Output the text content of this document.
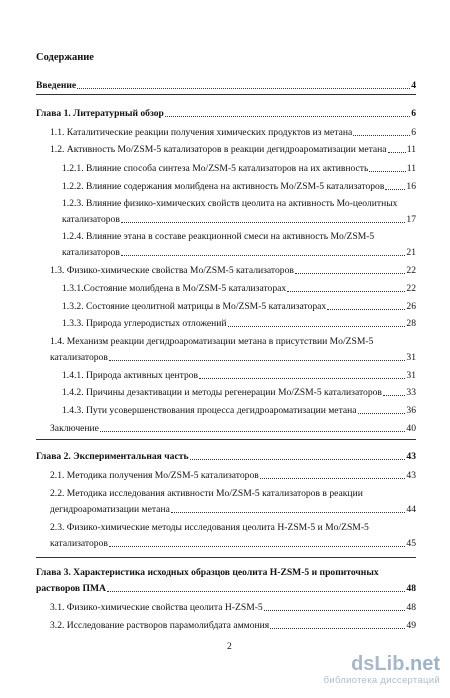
Содержание
Введение	4
Глава 1. Литературный обзор	6
1.1. Каталитические реакции получения химических продуктов из метана	6
1.2. Активность Mo/ZSM-5 катализаторов в реакции дегидроароматизации метана 11
1.2.1. Влияние способа синтеза Mo/ZSM-5 катализаторов на их активность	11
1.2.2. Влияние содержания молибдена на активность Mo/ZSM-5 катализаторов 16
1.2.3. Влияние физико-химических свойств цеолита на активность Мо-цеолитных
катализаторов	17
1.2.4. Влияние этана в составе реакционной смеси на активность Mo/ZSM-5
катализаторов	21
1.3. Физико-химические свойства Mo/ZSM-5 катализаторов	22
1.3.1.Состояние молибдена в Mo/ZSM-5 катализаторах	22
1.3.2. Состояние цеолитной матрицы в Mo/ZSM-5 катализаторах	26
1.3.3. Природа углеродистых отложений	28
1.4. Механизм реакции дегидроароматизации метана в присутствии Mo/ZSM-5
катализаторов	31
1.4.1. Природа активных центров	31
1.4.2. Причины дезактивации и методы регенерации Mo/ZSM-5 катализаторов	33
1.4.3. Пути усовершенствования процесса дегидроароматизации метана	36
Заключение	40
Глава 2. Экспериментальная часть	43
2.1. Методика получения Mo/ZSM-5 катализаторов	43
2.2. Методика исследования активности Mo/ZSM-5 катализаторов в реакции
дегидроароматизации метана	44
2.3. Физико-химические методы исследования цеолита H-ZSM-5 и Mo/ZSM-5
катализаторов	45
Глава 3. Характеристика исходных образцов цеолита H-ZSM-5 и пропиточных
растворов ПМА	48
3.1. Физико-химические свойства цеолита H-ZSM-5	48
3.2. Исследование растворов парамолибдата аммония	49
2
dsLib.net
библиотека диссертаций
